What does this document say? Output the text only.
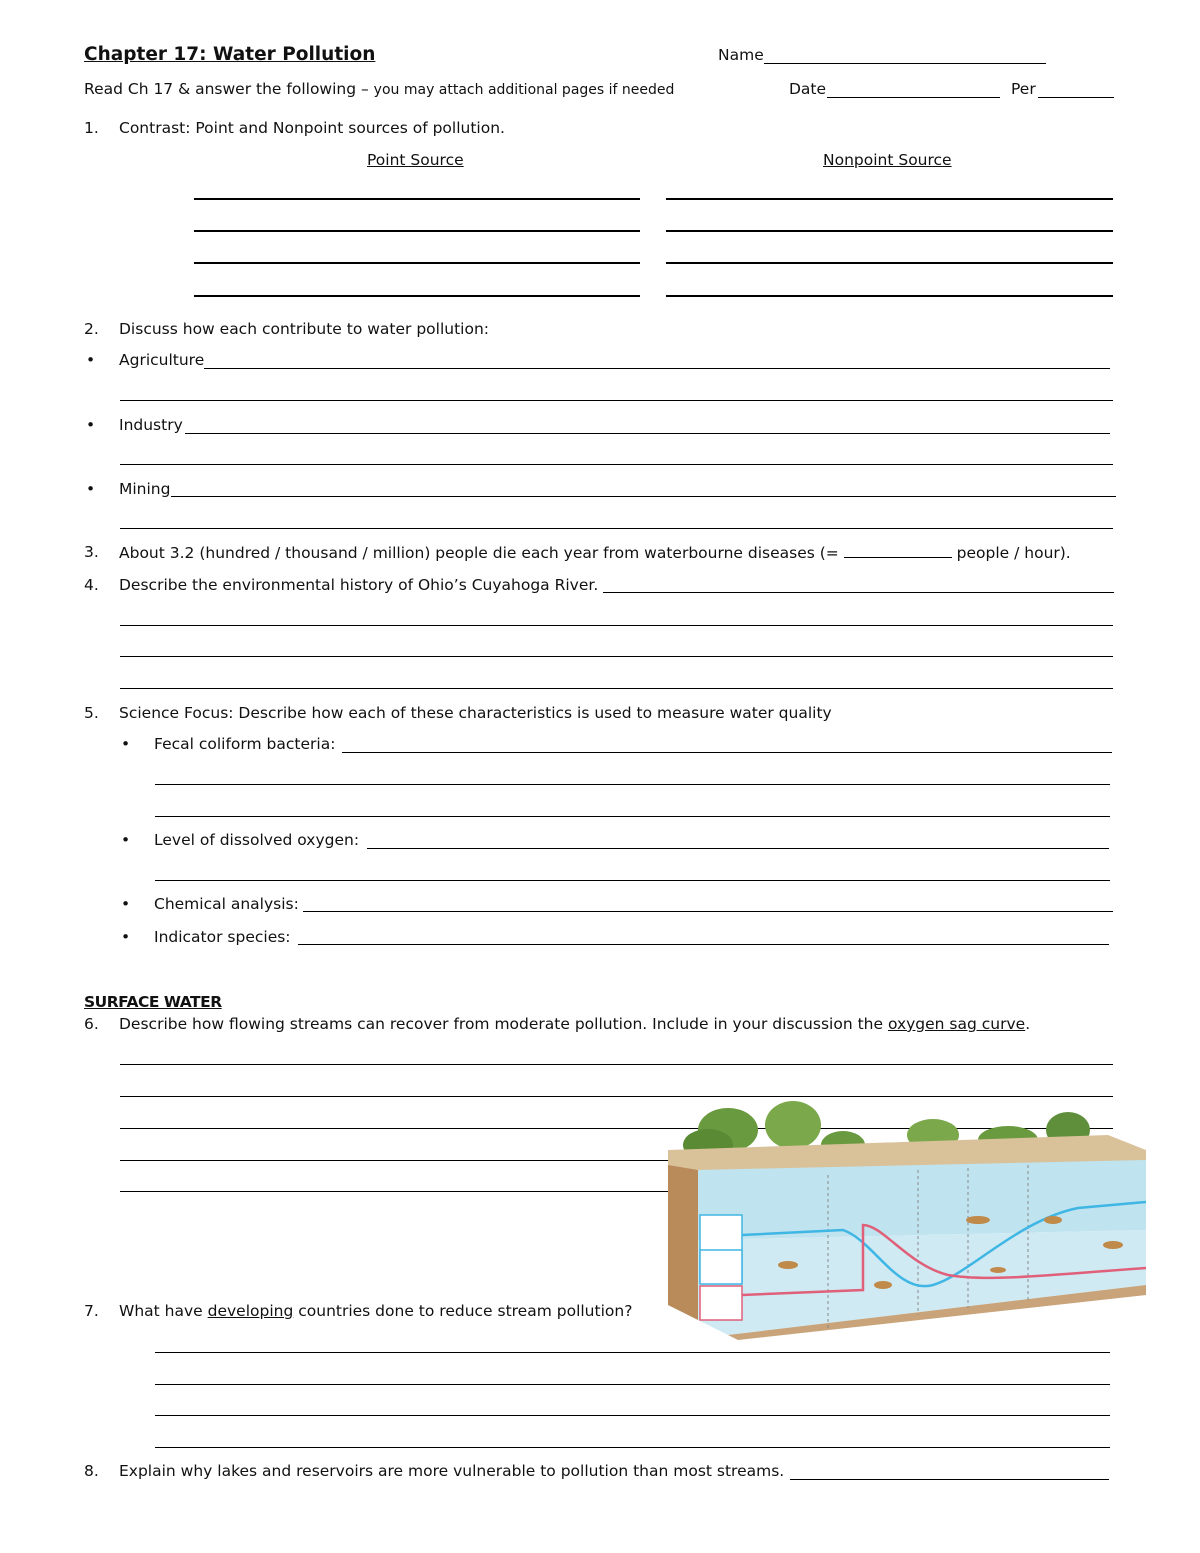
Chapter 17: Water Pollution	Name
Read Ch 17 & answer the following – you may attach additional pages if needed	Date	Per
1. Contrast: Point and Nonpoint sources of pollution.
Point Source	Nonpoint Source
2. Discuss how each contribute to water pollution:
•
Agriculture
•
Industry
•
Mining
3. About 3.2 (hundred / thousand / million) people die each year from waterbourne diseases (=	people / hour).
4. Describe the environmental history of Ohio’s Cuyahoga River.
5. Science Focus: Describe how each of these characteristics is used to measure water quality
•
Fecal coliform bacteria:
•
Level of dissolved oxygen:
•
Chemical analysis:
•
Indicator species:
SURFACE WATER
6. Describe how flowing streams can recover from moderate pollution. Include in your discussion the oxygen sag curve.
7. What have developing countries done to reduce stream pollution?
8. Explain why lakes and reservoirs are more vulnerable to pollution than most streams.
